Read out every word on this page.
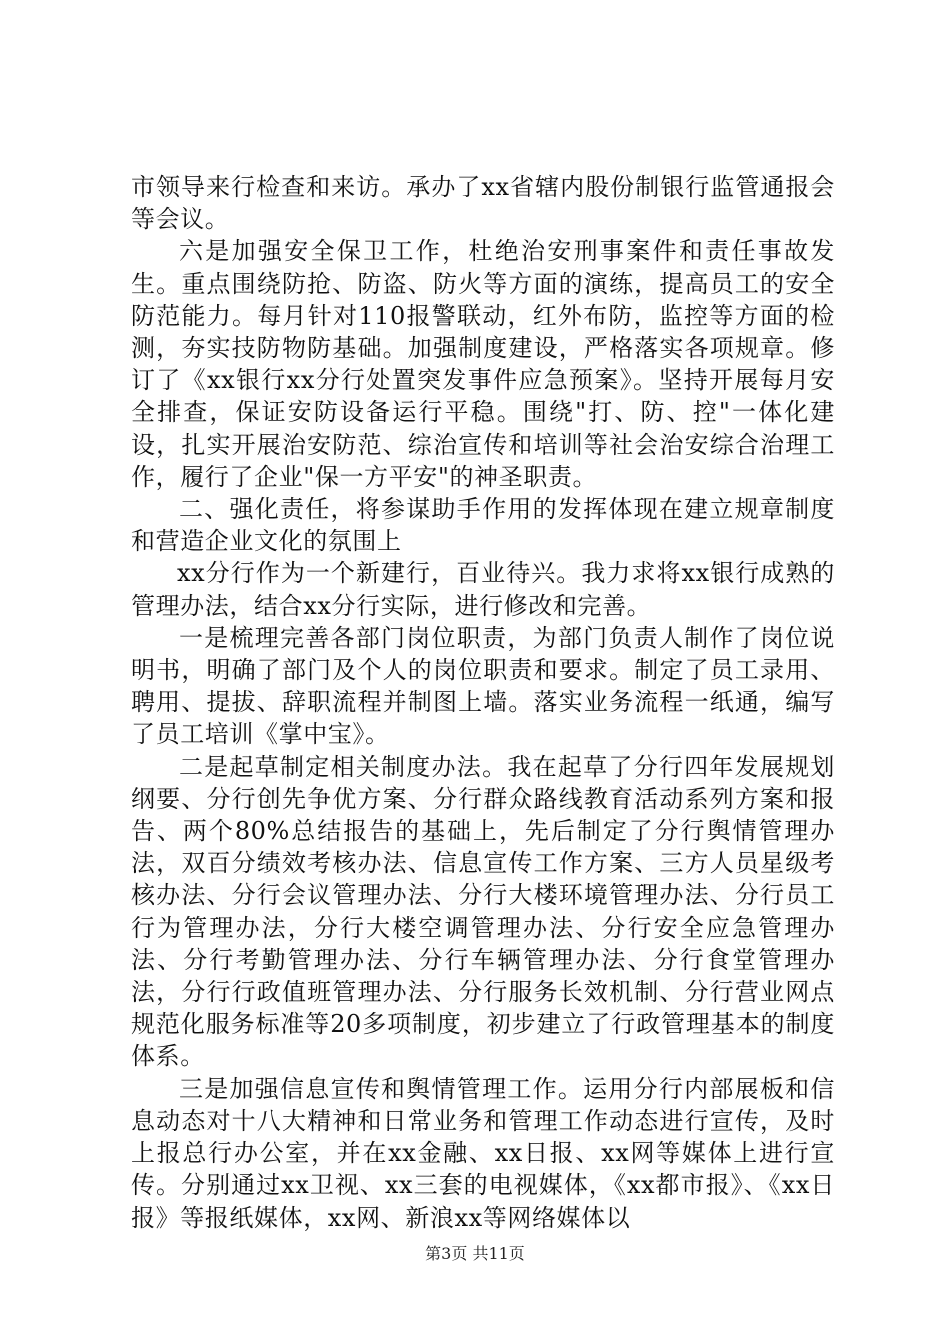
市领导来行检查和来访。承办了xx省辖内股份制银行监管通报会等会议。

六是加强安全保卫工作，杜绝治安刑事案件和责任事故发生。重点围绕防抢、防盗、防火等方面的演练，提高员工的安全防范能力。每月针对110报警联动，红外布防，监控等方面的检测，夯实技防物防基础。加强制度建设，严格落实各项规章。修订了《xx银行xx分行处置突发事件应急预案》。坚持开展每月安全排查，保证安防设备运行平稳。围绕"打、防、控"一体化建设，扎实开展治安防范、综治宣传和培训等社会治安综合治理工作，履行了企业"保一方平安"的神圣职责。

二、强化责任，将参谋助手作用的发挥体现在建立规章制度和营造企业文化的氛围上

xx分行作为一个新建行，百业待兴。我力求将xx银行成熟的管理办法，结合xx分行实际，进行修改和完善。

一是梳理完善各部门岗位职责，为部门负责人制作了岗位说明书，明确了部门及个人的岗位职责和要求。制定了员工录用、聘用、提拔、辞职流程并制图上墙。落实业务流程一纸通，编写了员工培训《掌中宝》。

二是起草制定相关制度办法。我在起草了分行四年发展规划纲要、分行创先争优方案、分行群众路线教育活动系列方案和报告、两个80%总结报告的基础上，先后制定了分行舆情管理办法，双百分绩效考核办法、信息宣传工作方案、三方人员星级考核办法、分行会议管理办法、分行大楼环境管理办法、分行员工行为管理办法，分行大楼空调管理办法、分行安全应急管理办法、分行考勤管理办法、分行车辆管理办法、分行食堂管理办法，分行行政值班管理办法、分行服务长效机制、分行营业网点规范化服务标准等20多项制度，初步建立了行政管理基本的制度体系。

三是加强信息宣传和舆情管理工作。运用分行内部展板和信息动态对十八大精神和日常业务和管理工作动态进行宣传，及时上报总行办公室，并在xx金融、xx日报、xx网等媒体上进行宣传。分别通过xx卫视、xx三套的电视媒体，《xx都市报》、《xx日报》等报纸媒体，xx网、新浪xx等网络媒体以

第3页 共11页
